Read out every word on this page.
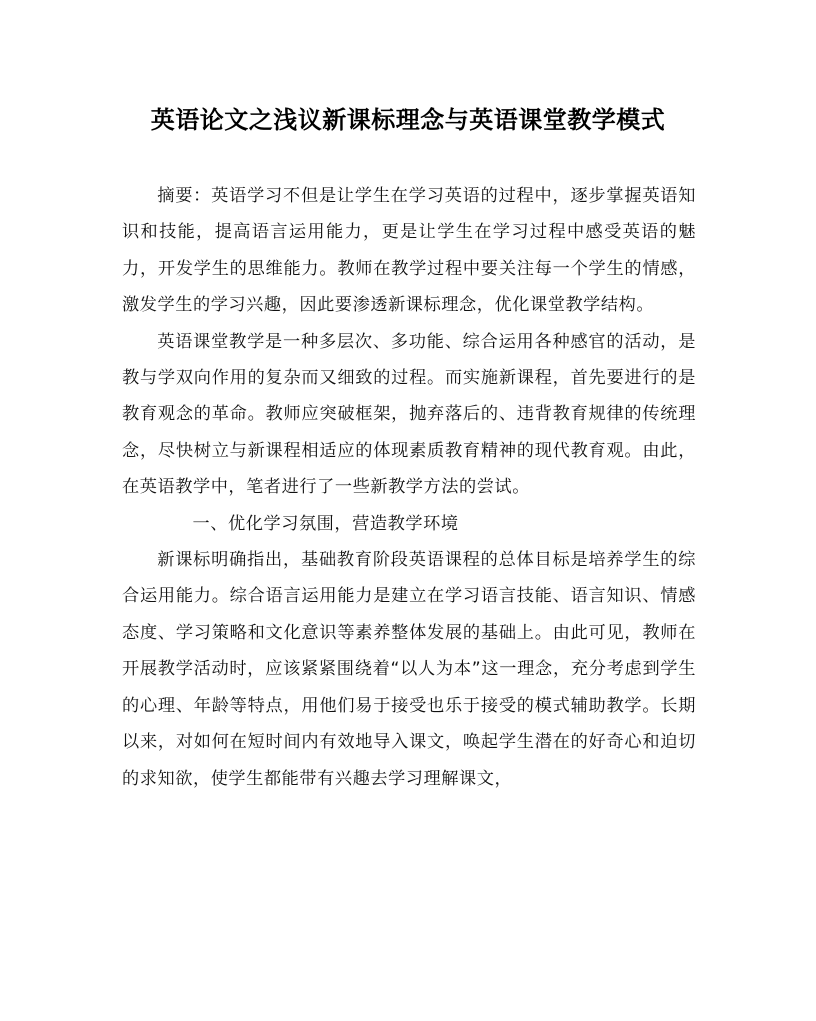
英语论文之浅议新课标理念与英语课堂教学模式

摘要：英语学习不但是让学生在学习英语的过程中，逐步掌握英语知识和技能，提高语言运用能力，更是让学生在学习过程中感受英语的魅力，开发学生的思维能力。教师在教学过程中要关注每一个学生的情感，激发学生的学习兴趣，因此要渗透新课标理念，优化课堂教学结构。

英语课堂教学是一种多层次、多功能、综合运用各种感官的活动，是教与学双向作用的复杂而又细致的过程。而实施新课程，首先要进行的是教育观念的革命。教师应突破框架，抛弃落后的、违背教育规律的传统理念，尽快树立与新课程相适应的体现素质教育精神的现代教育观。由此，在英语教学中，笔者进行了一些新教学方法的尝试。

一、优化学习氛围，营造教学环境

新课标明确指出，基础教育阶段英语课程的总体目标是培养学生的综合运用能力。综合语言运用能力是建立在学习语言技能、语言知识、情感态度、学习策略和文化意识等素养整体发展的基础上。由此可见，教师在开展教学活动时，应该紧紧围绕着“以人为本”这一理念，充分考虑到学生的心理、年龄等特点，用他们易于接受也乐于接受的模式辅助教学。长期以来，对如何在短时间内有效地导入课文，唤起学生潜在的好奇心和迫切的求知欲，使学生都能带有兴趣去学习理解课文，
